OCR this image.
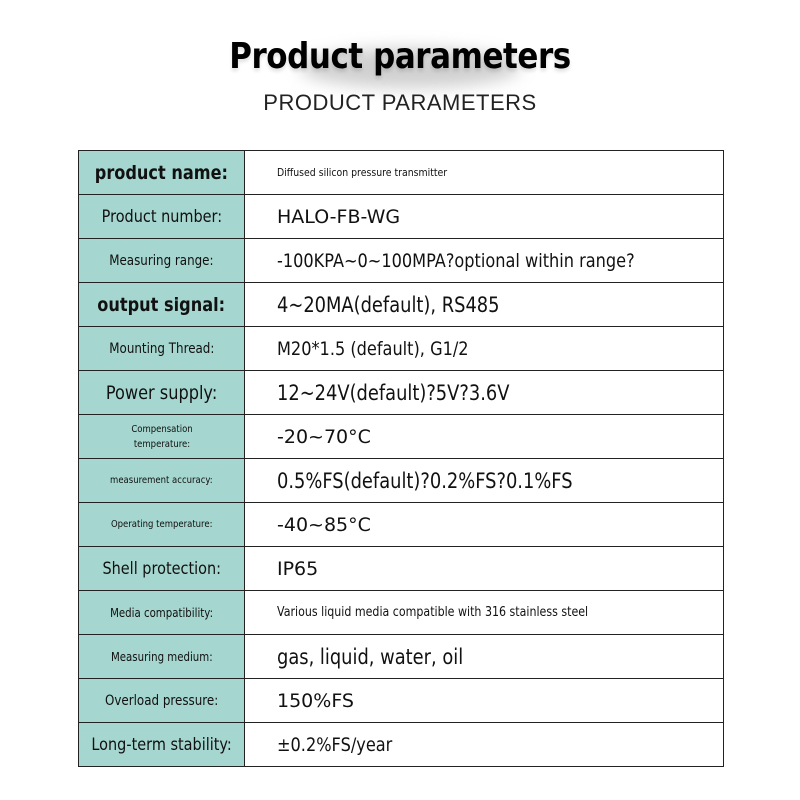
Product parameters
PRODUCT PARAMETERS
product name:	Diffused silicon pressure transmitter
Product number:	HALO-FB-WG
Measuring range:	-100KPA~0~100MPA?optional within range?
output signal:	4~20MA(default), RS485
Mounting Thread:	M20*1.5 (default), G1/2
Power supply:	12~24V(default)?5V?3.6V
Compensation temperature:	-20~70°C
measurement accuracy:	0.5%FS(default)?0.2%FS?0.1%FS
Operating temperature:	-40~85°C
Shell protection:	IP65
Media compatibility:	Various liquid media compatible with 316 stainless steel
Measuring medium:	gas, liquid, water, oil
Overload pressure:	150%FS
Long-term stability:	±0.2%FS/year
